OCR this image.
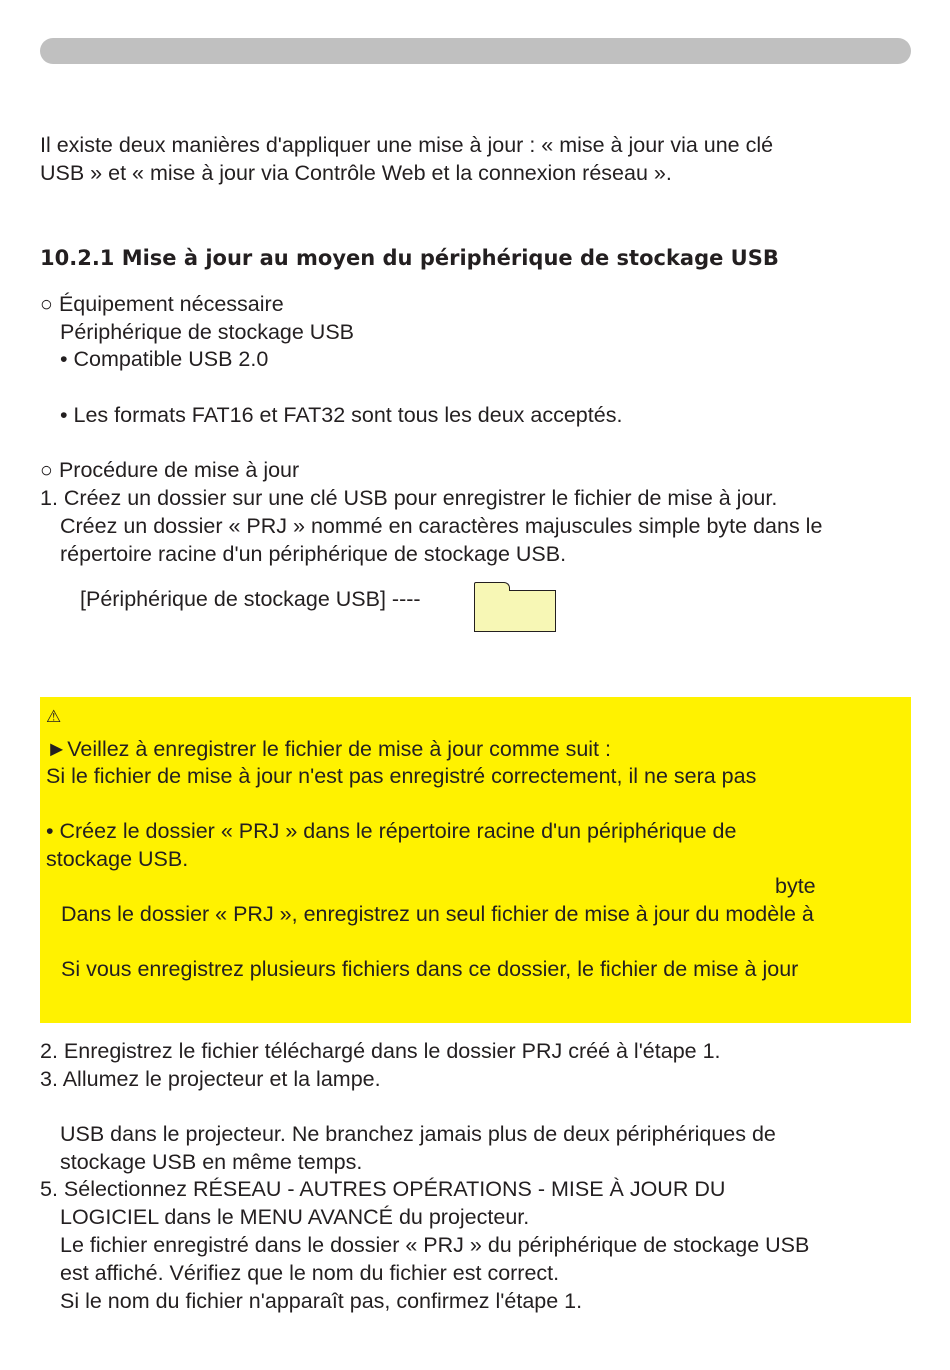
Il existe deux manières d'appliquer une mise à jour : « mise à jour via une clé
USB » et « mise à jour via Contrôle Web et la connexion réseau ».
10.2.1 Mise à jour au moyen du périphérique de stockage USB
○ Équipement nécessaire
Périphérique de stockage USB
• Compatible USB 2.0
• Les formats FAT16 et FAT32 sont tous les deux acceptés.
○ Procédure de mise à jour
1. Créez un dossier sur une clé USB pour enregistrer le fichier de mise à jour.
Créez un dossier « PRJ » nommé en caractères majuscules simple byte dans le
répertoire racine d'un périphérique de stockage USB.
[Périphérique de stockage USB] ----
⚠
►Veillez à enregistrer le fichier de mise à jour comme suit :
Si le fichier de mise à jour n'est pas enregistré correctement, il ne sera pas
• Créez le dossier « PRJ » dans le répertoire racine d'un périphérique de
stockage USB.
byte
Dans le dossier « PRJ », enregistrez un seul fichier de mise à jour du modèle à
Si vous enregistrez plusieurs fichiers dans ce dossier, le fichier de mise à jour
2. Enregistrez le fichier téléchargé dans le dossier PRJ créé à l'étape 1.
3. Allumez le projecteur et la lampe.
USB dans le projecteur. Ne branchez jamais plus de deux périphériques de
stockage USB en même temps.
5. Sélectionnez RÉSEAU - AUTRES OPÉRATIONS - MISE À JOUR DU
LOGICIEL dans le MENU AVANCÉ du projecteur.
Le fichier enregistré dans le dossier « PRJ » du périphérique de stockage USB
est affiché. Vérifiez que le nom du fichier est correct.
Si le nom du fichier n'apparaît pas, confirmez l'étape 1.
